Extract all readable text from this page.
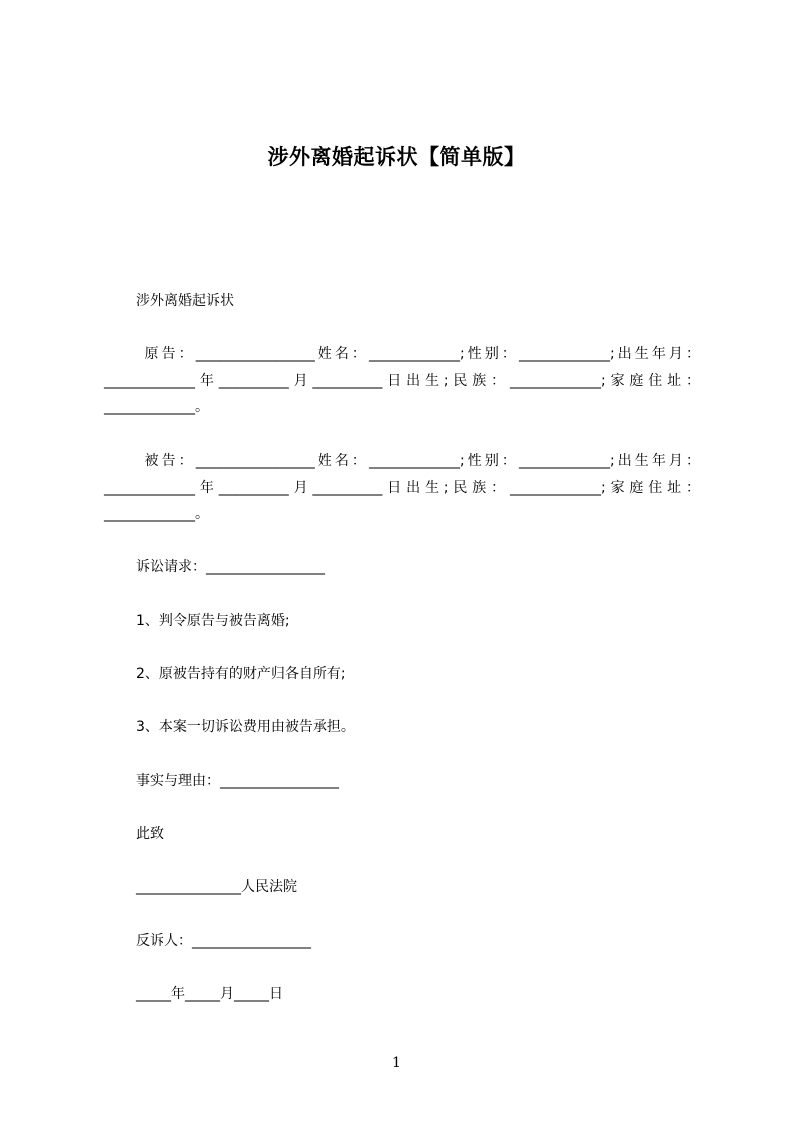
涉外离婚起诉状【简单版】
涉外离婚起诉状
原告：_________________姓名：_____________;性别：_____________;出生年月：_____________年__________月__________日出生;民族：_____________;家庭住址：_____________。
被告：_________________姓名：_____________;性别：_____________;出生年月：_____________年__________月__________日出生;民族：_____________;家庭住址：_____________。
诉讼请求：_________________
1、判令原告与被告离婚;
2、原被告持有的财产归各自所有;
3、本案一切诉讼费用由被告承担。
事实与理由：_________________
此致
_______________人民法院
反诉人：_________________
_____年_____月_____日
1
